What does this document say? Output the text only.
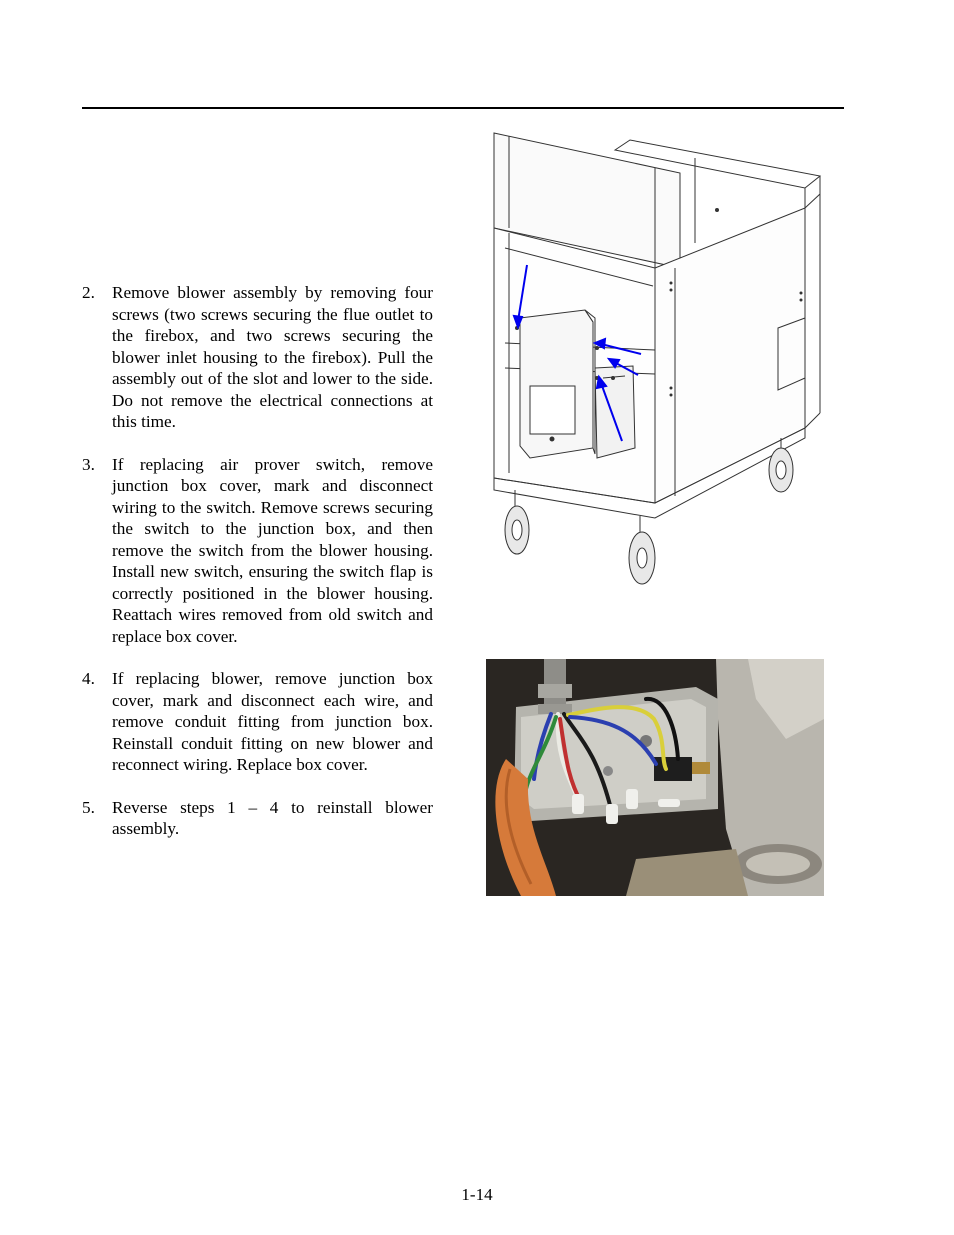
2. Remove blower assembly by removing four screws (two screws securing the flue outlet to the firebox, and two screws securing the blower inlet housing to the firebox). Pull the assembly out of the slot and lower to the side. Do not remove the electrical connections at this time.
3. If replacing air prover switch, remove junction box cover, mark and disconnect wiring to the switch. Remove screws securing the switch to the junction box, and then remove the switch from the blower housing. Install new switch, ensuring the switch flap is correctly positioned in the blower housing. Reattach wires removed from old switch and replace box cover.
4. If replacing blower, remove junction box cover, mark and disconnect each wire, and remove conduit fitting from junction box. Reinstall conduit fitting on new blower and reconnect wiring. Replace box cover.
5. Reverse steps 1 – 4 to reinstall blower assembly.
1-14
